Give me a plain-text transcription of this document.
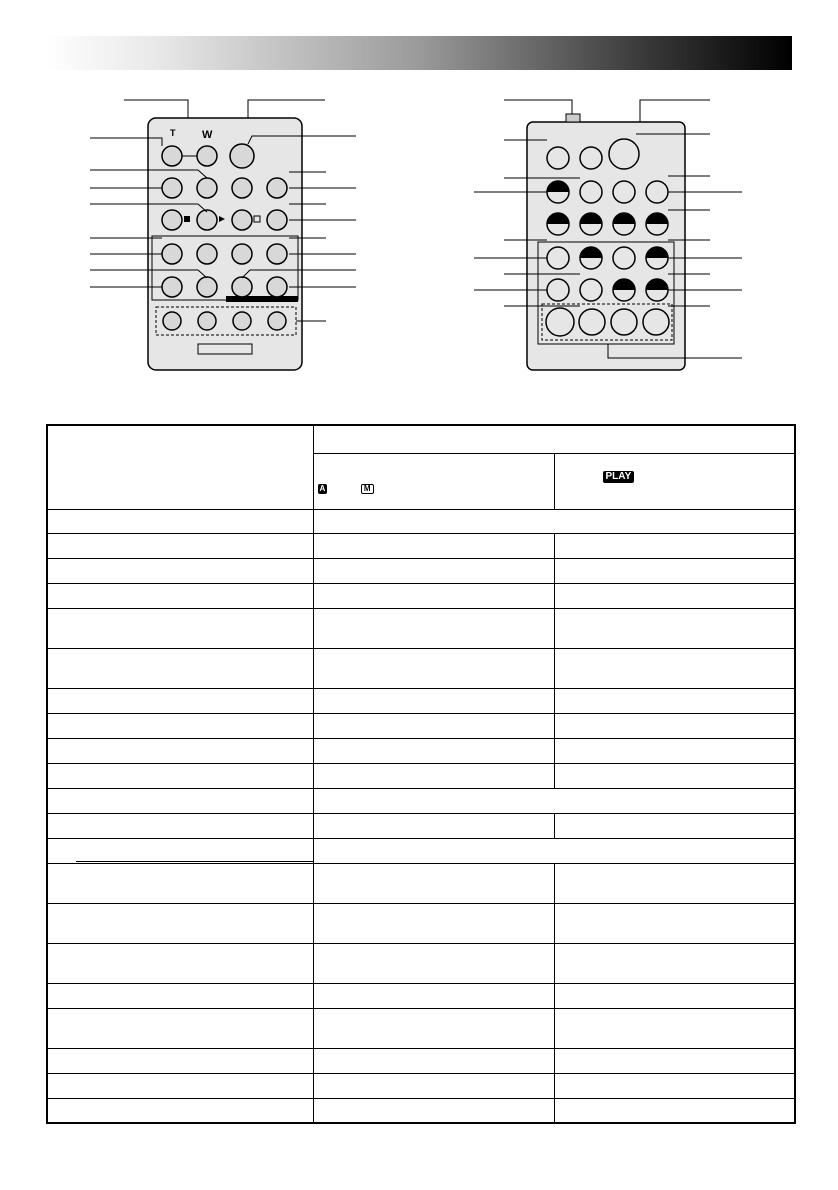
T W

	A M	PLAY
